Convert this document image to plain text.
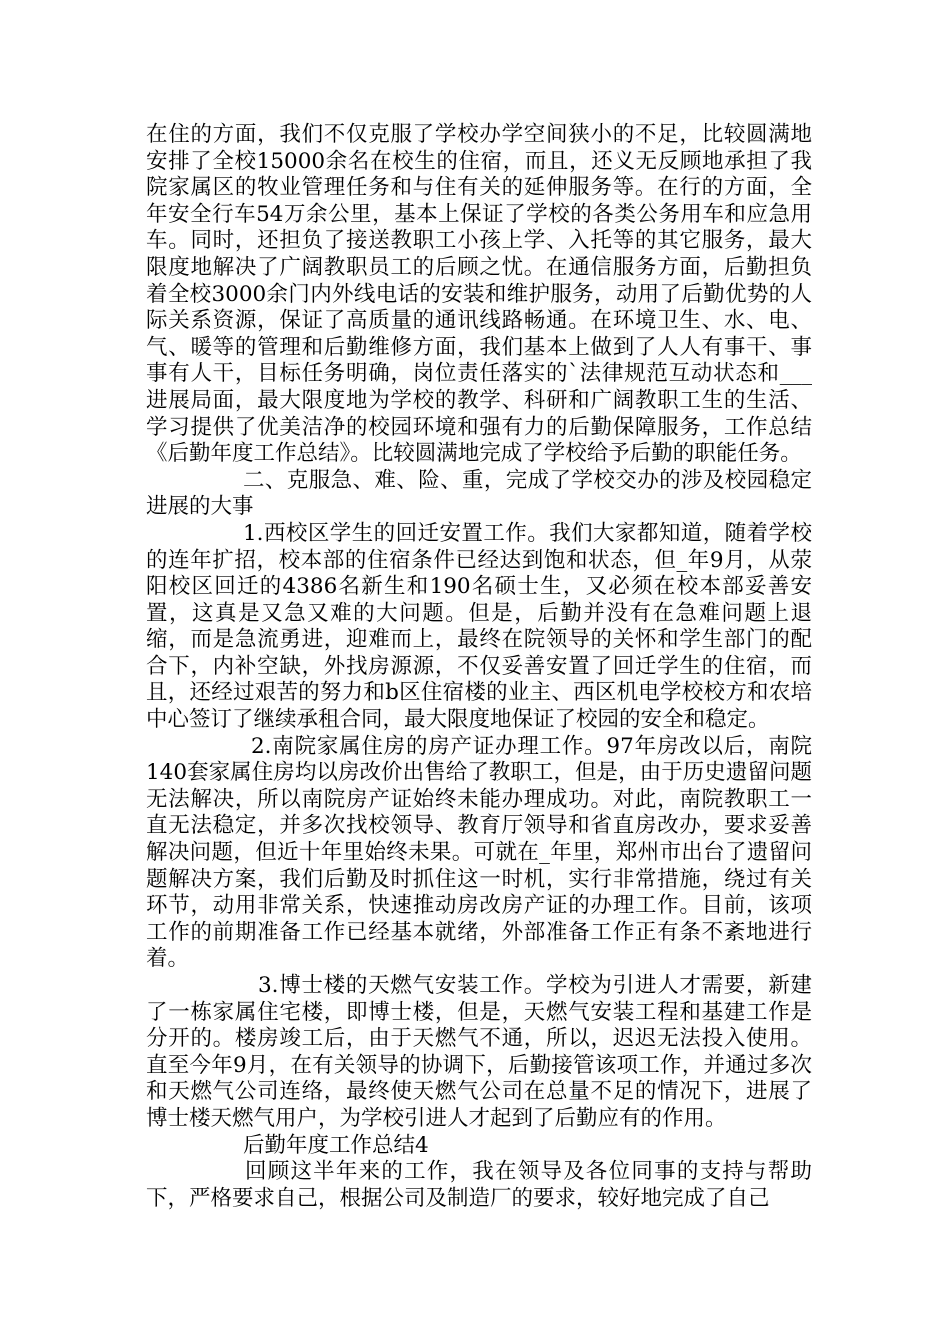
在住的方面，我们不仅克服了学校办学空间狭小的不足，比较圆满地安排了全校15000余名在校生的住宿，而且，还义无反顾地承担了我院家属区的牧业管理任务和与住有关的延伸服务等。在行的方面，全年安全行车54万余公里，基本上保证了学校的各类公务用车和应急用车。同时，还担负了接送教职工小孩上学、入托等的其它服务，最大限度地解决了广阔教职员工的后顾之忧。在通信服务方面，后勤担负着全校3000余门内外线电话的安装和维护服务，动用了后勤优势的人际关系资源，保证了高质量的通讯线路畅通。在环境卫生、水、电、气、暖等的管理和后勤维修方面，我们基本上做到了人人有事干、事事有人干，目标任务明确，岗位责任落实的`法律规范互动状态和___进展局面，最大限度地为学校的教学、科研和广阔教职工生的生活、学习提供了优美洁净的校园环境和强有力的后勤保障服务，工作总结《后勤年度工作总结》。比较圆满地完成了学校给予后勤的职能任务。

二、克服急、难、险、重，完成了学校交办的涉及校园稳定进展的大事

1.西校区学生的回迁安置工作。我们大家都知道，随着学校的连年扩招，校本部的住宿条件已经达到饱和状态，但_年9月，从荥阳校区回迁的4386名新生和190名硕士生，又必须在校本部妥善安置，这真是又急又难的大问题。但是，后勤并没有在急难问题上退缩，而是急流勇进，迎难而上，最终在院领导的关怀和学生部门的配合下，内补空缺，外找房源源，不仅妥善安置了回迁学生的住宿，而且，还经过艰苦的努力和b区住宿楼的业主、西区机电学校校方和农培中心签订了继续承租合同，最大限度地保证了校园的安全和稳定。

2.南院家属住房的房产证办理工作。97年房改以后，南院140套家属住房均以房改价出售给了教职工，但是，由于历史遗留问题无法解决，所以南院房产证始终未能办理成功。对此，南院教职工一直无法稳定，并多次找校领导、教育厅领导和省直房改办，要求妥善解决问题，但近十年里始终未果。可就在_年里，郑州市出台了遗留问题解决方案，我们后勤及时抓住这一时机，实行非常措施，绕过有关环节，动用非常关系，快速推动房改房产证的办理工作。目前，该项工作的前期准备工作已经基本就绪，外部准备工作正有条不紊地进行着。

3.博士楼的天燃气安装工作。学校为引进人才需要，新建了一栋家属住宅楼，即博士楼，但是，天燃气安装工程和基建工作是分开的。楼房竣工后，由于天燃气不通，所以，迟迟无法投入使用。直至今年9月，在有关领导的协调下，后勤接管该项工作，并通过多次和天燃气公司连络，最终使天燃气公司在总量不足的情况下，进展了博士楼天燃气用户，为学校引进人才起到了后勤应有的作用。

后勤年度工作总结4

回顾这半年来的工作，我在领导及各位同事的支持与帮助下，严格要求自己，根据公司及制造厂的要求，较好地完成了自己
